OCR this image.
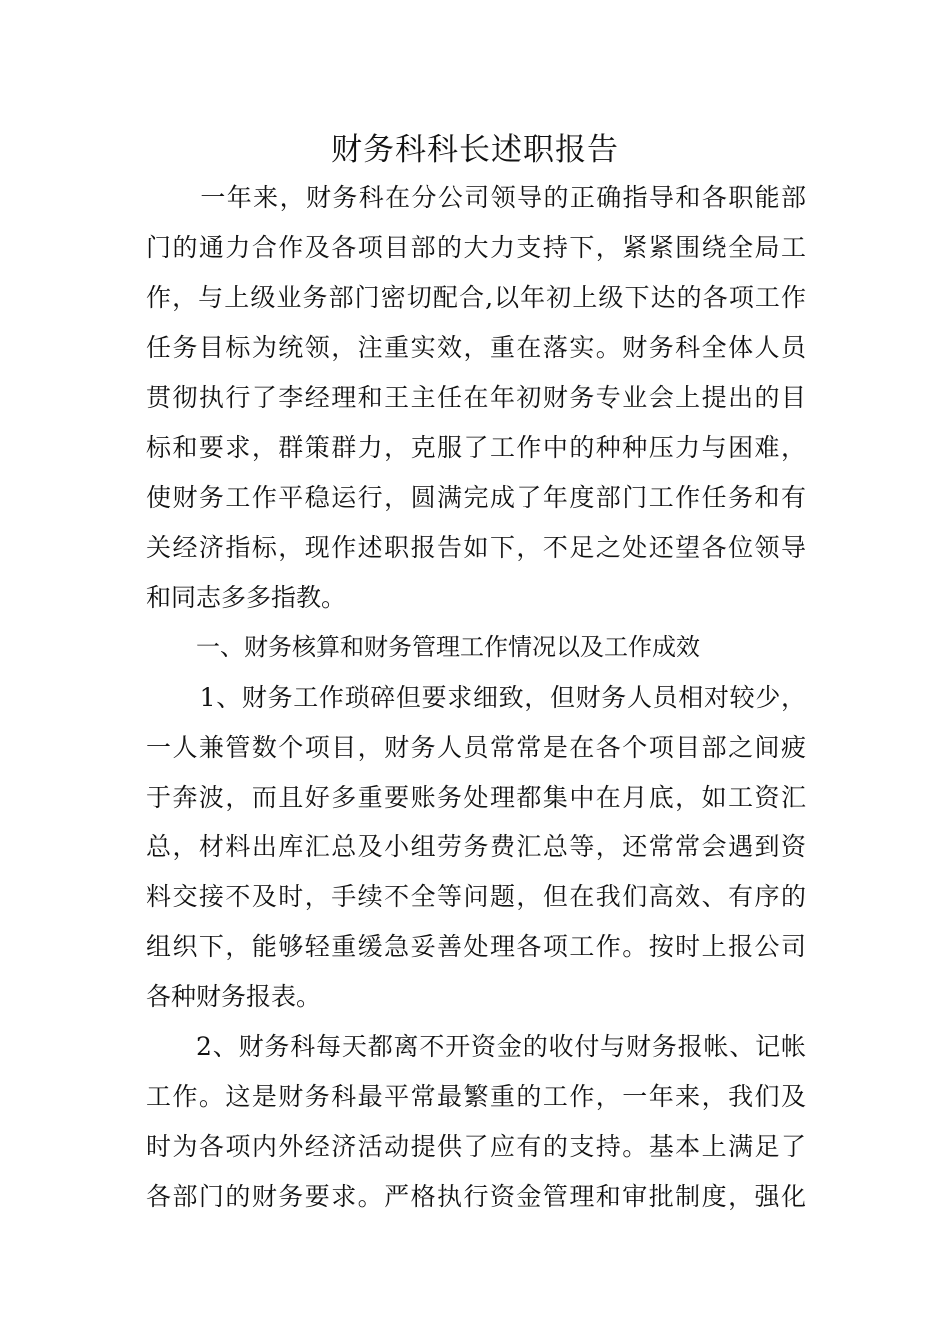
财务科科长述职报告

　一年来，财务科在分公司领导的正确指导和各职能部

门的通力合作及各项目部的大力支持下，紧紧围绕全局工

作，与上级业务部门密切配合,以年初上级下达的各项工作

任务目标为统领，注重实效，重在落实。财务科全体人员

贯彻执行了李经理和王主任在年初财务专业会上提出的目

标和要求，群策群力，克服了工作中的种种压力与困难，

使财务工作平稳运行，圆满完成了年度部门工作任务和有

关经济指标，现作述职报告如下，不足之处还望各位领导

和同志多多指教。

一、财务核算和财务管理工作情况以及工作成效

　1、财务工作琐碎但要求细致，但财务人员相对较少，

一人兼管数个项目，财务人员常常是在各个项目部之间疲

于奔波，而且好多重要账务处理都集中在月底，如工资汇

总，材料出库汇总及小组劳务费汇总等，还常常会遇到资

料交接不及时，手续不全等问题，但在我们高效、有序的

组织下，能够轻重缓急妥善处理各项工作。按时上报公司

各种财务报表。

2、财务科每天都离不开资金的收付与财务报帐、记帐

工作。这是财务科最平常最繁重的工作，一年来，我们及

时为各项内外经济活动提供了应有的支持。基本上满足了

各部门的财务要求。严格执行资金管理和审批制度，强化
